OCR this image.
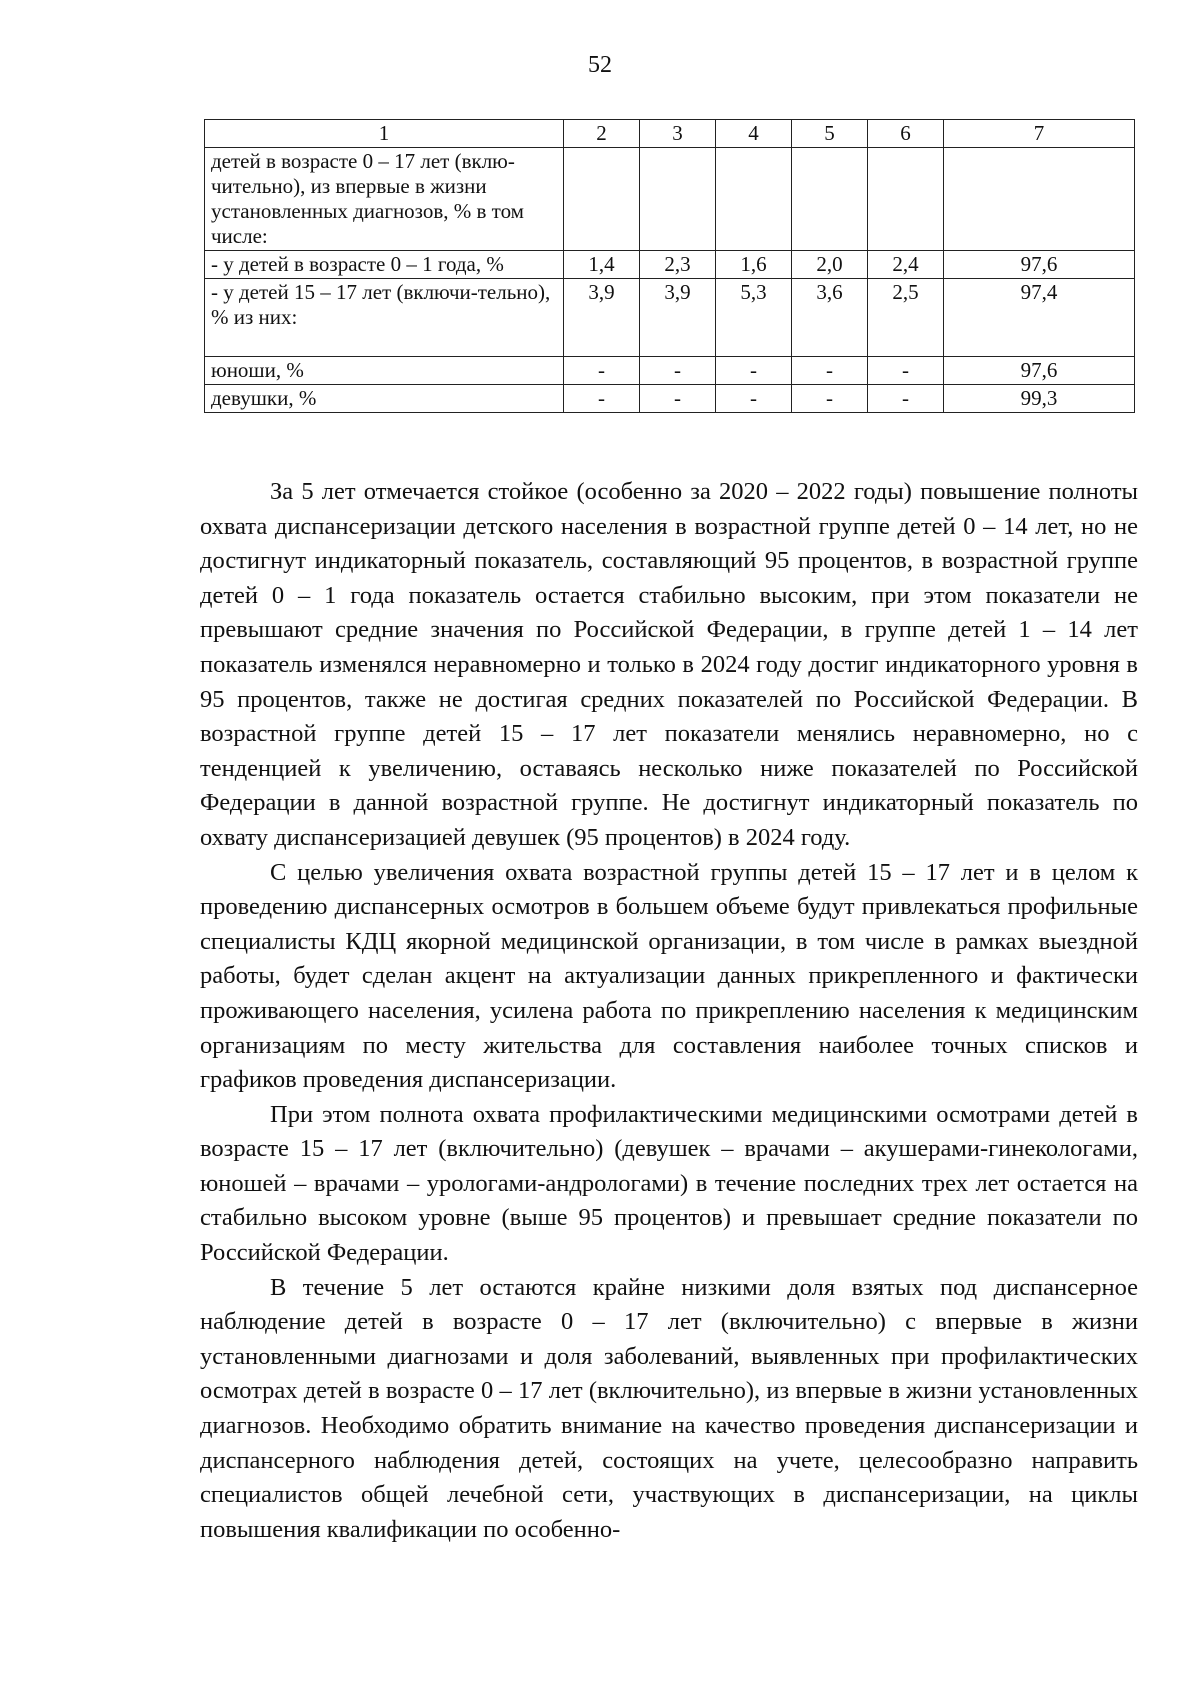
52
1	2	3	4	5	6	7
детей в возрасте 0 – 17 лет (вклю-чительно), из впервые в жизни установленных диагнозов, % в том числе:						
- у детей в возрасте 0 – 1 года, %	1,4	2,3	1,6	2,0	2,4	97,6
- у детей 15 – 17 лет (включи-тельно), % из них:	3,9	3,9	5,3	3,6	2,5	97,4
юноши, %	-	-	-	-	-	97,6
девушки, %	-	-	-	-	-	99,3

За 5 лет отмечается стойкое (особенно за 2020 – 2022 годы) повышение полноты охвата диспансеризации детского населения в возрастной группе детей 0 – 14 лет, но не достигнут индикаторный показатель, составляющий 95 процентов, в возрастной группе детей 0 – 1 года показатель остается стабильно высоким, при этом показатели не превышают средние значения по Российской Федерации, в группе детей 1 – 14 лет показатель изменялся неравномерно и только в 2024 году достиг индикаторного уровня в 95 процентов, также не достигая средних показателей по Российской Федерации. В возрастной группе детей 15 – 17 лет показатели менялись неравномерно, но с тенденцией к увеличению, оставаясь несколько ниже показателей по Российской Федерации в данной возрастной группе. Не достигнут индикаторный показатель по охвату диспансеризацией девушек (95 процентов) в 2024 году.

С целью увеличения охвата возрастной группы детей 15 – 17 лет и в целом к проведению диспансерных осмотров в большем объеме будут привлекаться профильные специалисты КДЦ якорной медицинской организации, в том числе в рамках выездной работы, будет сделан акцент на актуализации данных прикрепленного и фактически проживающего населения, усилена работа по прикреплению населения к медицинским организациям по месту жительства для составления наиболее точных списков и графиков проведения диспансеризации.

При этом полнота охвата профилактическими медицинскими осмотрами детей в возрасте 15 – 17 лет (включительно) (девушек – врачами – акушерами-гинекологами, юношей – врачами – урологами-андрологами) в течение последних трех лет остается на стабильно высоком уровне (выше 95 процентов) и превышает средние показатели по Российской Федерации.

В течение 5 лет остаются крайне низкими доля взятых под диспансерное наблюдение детей в возрасте 0 – 17 лет (включительно) с впервые в жизни установленными диагнозами и доля заболеваний, выявленных при профилактических осмотрах детей в возрасте 0 – 17 лет (включительно), из впервые в жизни установленных диагнозов. Необходимо обратить внимание на качество проведения диспансеризации и диспансерного наблюдения детей, состоящих на учете, целесообразно направить специалистов общей лечебной сети, участвующих в диспансеризации, на циклы повышения квалификации по особенно-
